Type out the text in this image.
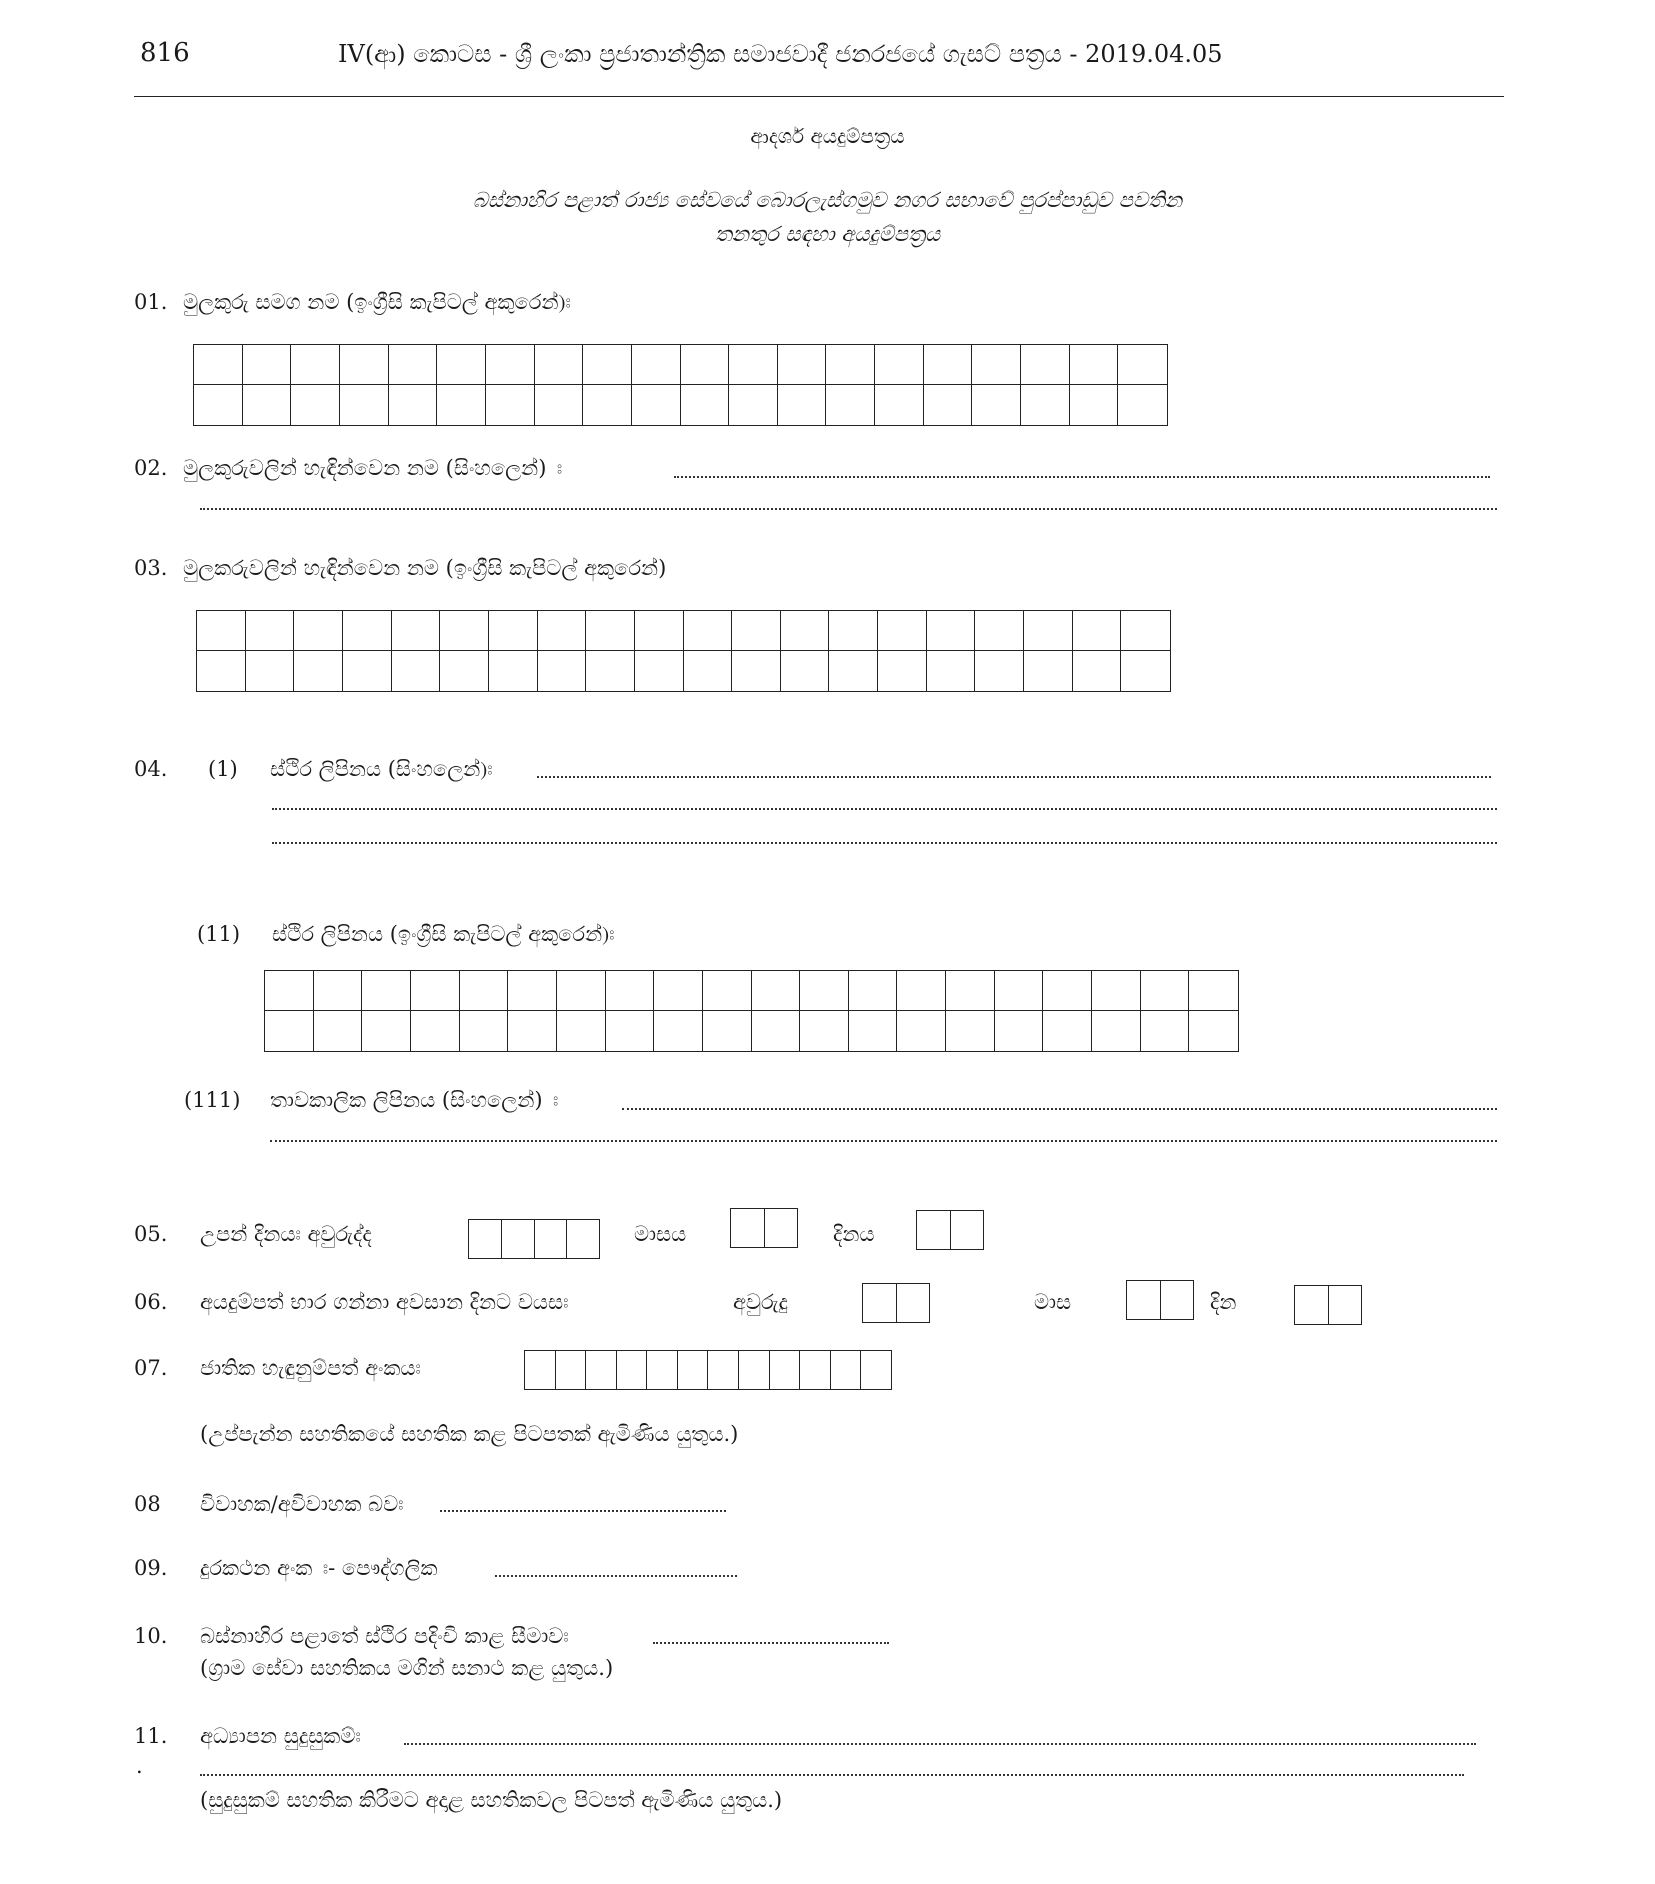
816	IV(ආ) කොටස - ශ්‍රී ලංකා ප්‍රජාතාන්ත්‍රික සමාජවාදී ජනරජයේ ගැසට් පත්‍රය - 2019.04.05
ආදර්ශ අයදුම්පත්‍රය
බස්නාහිර පළාත් රාජ්‍ය සේවයේ බොරලැස්ගමුව නගර සභාවේ පුරප්පාඩුව පවතින
තනතුර සඳහා අයදුම්පත්‍රය
01. මුලකුරු සමග නම (ඉංග්‍රීසි කැපිටල් අකුරෙන්)ඃ
02. මුලකුරුවලින් හැඳින්වෙන නම (සිංහලෙන්) ඃ
03. මුලකරුවලින් හැඳින්වෙන නම (ඉංග්‍රීසි කැපිටල් අකුරෙන්)
04. (1) ස්ථිර ලිපිනය (සිංහලෙන්)ඃ
(11) ස්ථිර ලිපිනය (ඉංග්‍රීසි කැපිටල් අකුරෙන්)ඃ
(111) තාවකාලික ලිපිනය (සිංහලෙන්) ඃ
05. උපන් දිනයඃ අවුරුද්ද	මාසය	දිනය
06. අයදුම්පත් භාර ගන්නා අවසාන දිනට වයසඃ	අවුරුදු	මාස	දින
07. ජාතික හැඳුනුම්පත් අංකයඃ
(උප්පැන්න සහතිකයේ සහතික කළ පිටපතක් ඇමිණිය යුතුය.)
08 විවාහක/අවිවාහක බවඃ
09. දුරකථන අංක ඃ- පෞද්ගලික
10. බස්නාහිර පළාතේ ස්ථිර පදිංචි කාළ සීමාවඃ
(ග්‍රාම සේවා සහතිකය මගින් සනාථ කළ යුතුය.)
11. අධ්‍යාපන සුදුසුකම්ඃ
.
(සුදුසුකම් සහතික කිරීමට අදාළ සහතිකවල පිටපත් ඇමිණිය යුතුය.)
